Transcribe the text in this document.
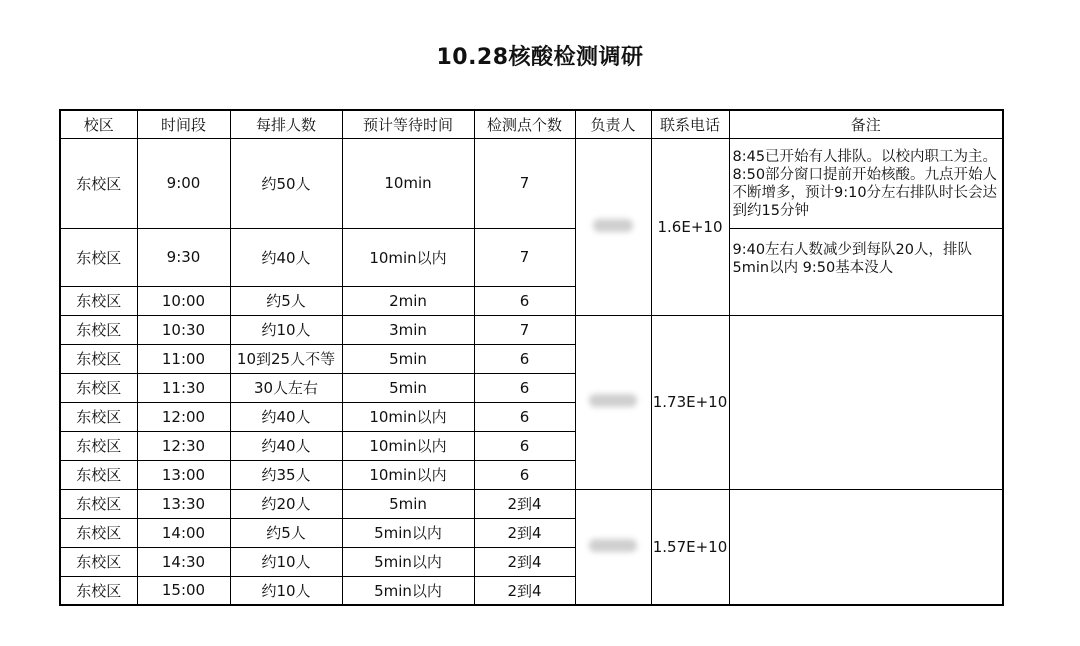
10.28核酸检测调研
校区	时间段	每排人数	预计等待时间	检测点个数	负责人	联系电话	备注
东校区	9:00	约50人	10min	7		1.6E+10	8:45已开始有人排队。以校内职工为主。8:50部分窗口提前开始核酸。九点开始人不断增多，预计9:10分左右排队时长会达到约15分钟
东校区	9:30	约40人	10min以内	7			9:40左右人数减少到每队20人，排队5min以内 9:50基本没人
东校区	10:00	约5人	2min	6			
东校区	10:30	约10人	3min	7		1.73E+10	
东校区	11:00	10到25人不等	5min	6			
东校区	11:30	30人左右	5min	6			
东校区	12:00	约40人	10min以内	6			
东校区	12:30	约40人	10min以内	6			
东校区	13:00	约35人	10min以内	6			
东校区	13:30	约20人	5min	2到4		1.57E+10	
东校区	14:00	约5人	5min以内	2到4			
东校区	14:30	约10人	5min以内	2到4			
东校区	15:00	约10人	5min以内	2到4			
